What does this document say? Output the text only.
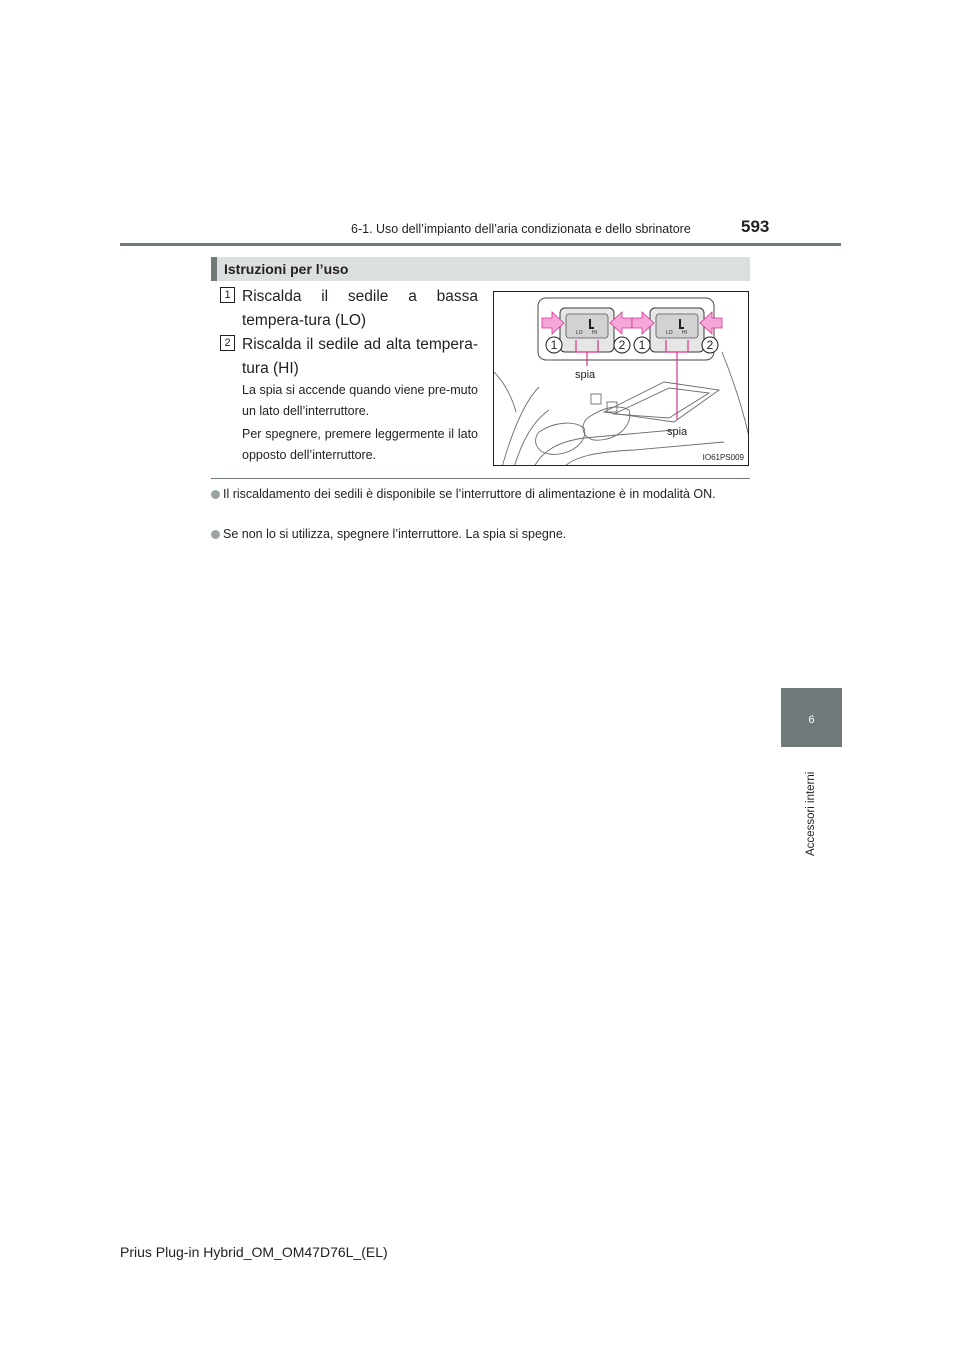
6-1. Uso dell’impianto dell’aria condizionata e dello sbrinatore	593
6
Accessori interni
Istruzioni per l’uso
1 Riscalda il sedile a bassa tempera-tura (LO)
2 Riscalda il sedile ad alta tempera-tura (HI)
La spia si accende quando viene pre-muto un lato dell’interruttore.
Per spegnere, premere leggermente il lato opposto dell’interruttore.
LO HI	LO HI
1	2 1	2
spia
spia
IO61PS009
Il riscaldamento dei sedili è disponibile se l’interruttore di alimentazione è in modalità ON.
Se non lo si utilizza, spegnere l’interruttore. La spia si spegne.
Prius Plug-in Hybrid_OM_OM47D76L_(EL)
